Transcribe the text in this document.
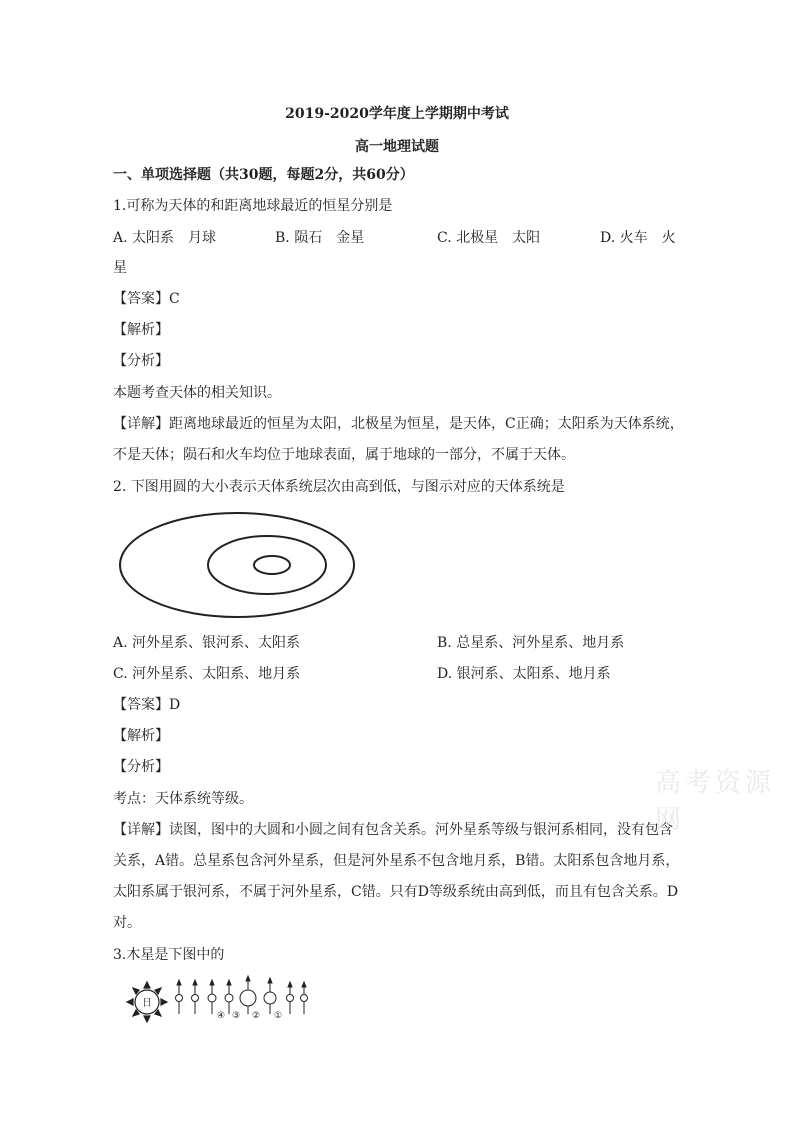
2019-2020学年度上学期期中考试
高一地理试题
一、单项选择题（共30题，每题2分，共60分）
1.可称为天体的和距离地球最近的恒星分别是
A. 太阳系　月球	B. 陨石　金星	C. 北极星　太阳	D. 火车　火
星
【答案】C
【解析】
【分析】
本题考查天体的相关知识。
【详解】距离地球最近的恒星为太阳，北极星为恒星，是天体，C正确；太阳系为天体系统，
不是天体；陨石和火车均位于地球表面，属于地球的一部分，不属于天体。
2. 下图用圆的大小表示天体系统层次由高到低，与图示对应的天体系统是
A. 河外星系、银河系、太阳系	B. 总星系、河外星系、地月系
C. 河外星系、太阳系、地月系	D. 银河系、太阳系、地月系
【答案】D
【解析】
【分析】
考点：天体系统等级。
【详解】读图，图中的大圆和小圆之间有包含关系。河外星系等级与银河系相同，没有包含
关系，A错。总星系包含河外星系，但是河外星系不包含地月系，B错。太阳系包含地月系，
太阳系属于银河系，不属于河外星系，C错。只有D等级系统由高到低，而且有包含关系。D
对。
3.木星是下图中的
日
④ ③ ② ①
高考资源网
